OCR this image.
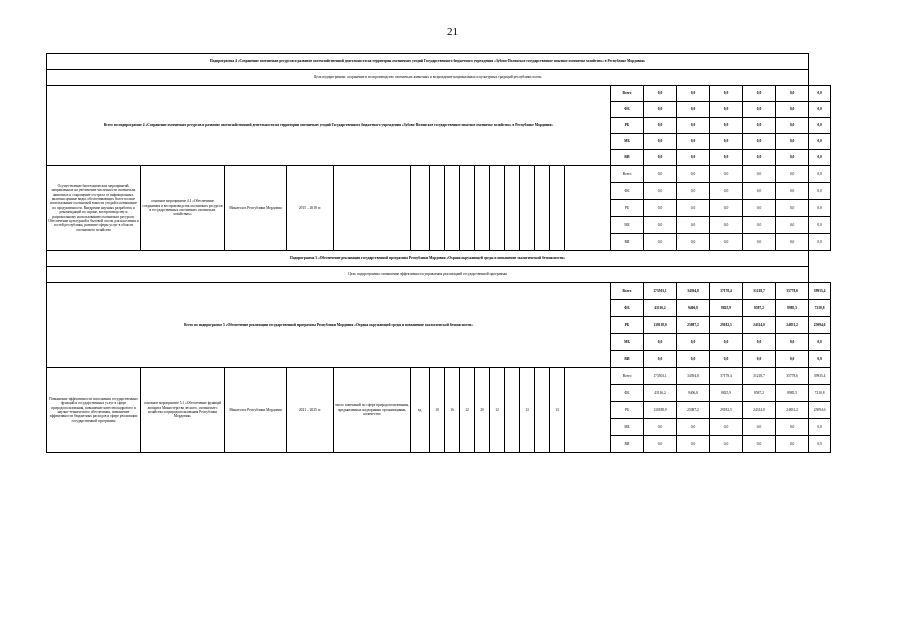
21
Подпрограмма 4 «Сохранение охотничьих ресурсов и развитие охотхозяйственной деятельности на территории охотничьих угодий Государственного бюджетного учреждения «Зубово-Полянское государственное опытное охотничье хозяйство» в Республике Мордовия»																						
Цель подпрограммы: сохранение и воспроизводство охотничьих животных и возрождение национальных и культурных традиций республики охоты																						
Всего по подпрограмме 4 «Сохранение охотничьих ресурсов и развитие охотхозяйственной деятельности на территории охотничьих угодий Государственного бюджетного учреждения «Зубово-Полянское государственное опытное охотничье хозяйство» в Республике Мордовия»																Всего	0,0	0,0	0,0	0,0	0,0	0,0
																ФБ	0,0	0,0	0,0	0,0	0,0	0,0
																РБ	0,0	0,0	0,0	0,0	0,0	0,0
																МБ	0,0	0,0	0,0	0,0	0,0	0,0
																ВИ	0,0	0,0	0,0	0,0	0,0	0,0
Осуществление биотехнических мероприятий, направленных на увеличение численности охотничьих животных и сокращение отстрела от инфекционных, включая ценные виды, обеспечивающих более полное использование охотничьей емкости угодий и повышение их продуктивности. Внедрение научных разработок и рекомендаций по охране, воспроизводству и рациональному использованию охотничьих ресурсов. Обеспечение культурной и бытовой охоты для населения и гостей республики, развитие сферы услуг в области охотничьего хозяйства	основное мероприятие 4.1 «Обеспечение сохранения и воспроизводства охотничьих ресурсов в государственных охотничьих охотничьих хозяйствах»	Минлесхоз Республики Мордовия	2015 – 2018 гг.													Всего	0,0	0,0	0,0	0,0	0,0	0,0
																ФБ	0,0	0,0	0,0	0,0	0,0	0,0
																РБ	0,0	0,0	0,0	0,0	0,0	0,0
																МБ	0,0	0,0	0,0	0,0	0,0	0,0
																ВИ	0,0	0,0	0,0	0,0	0,0	0,0
Подпрограмма 5 «Обеспечение реализации государственной программы Республики Мордовия «Охрана окружающей среды и повышение экологической безопасности»																						
Цель подпрограммы: повышение эффективности управления реализацией государственной программы																						
Всего по подпрограмме 5 «Обеспечение реализации государственной программы Республики Мордовия «Охрана окружающей среды и повышение экологической безопасности»																Всего	173503,1	34394,8	37178,4	31218,7	35778,6	39935,4
																ФБ	43116,2	9406,8	8825,9	8587,2	8985,5	7210,8
																РБ	130118,0	25087,2	29182,5	24314,0	24831,2	25094,6
																МБ	0,0	0,0	0,0	0,0	0,0	0,0
																ВИ	0,0	0,0	0,0	0,0	0,0	0,0
Повышение эффективности исполнения государственных функций и государственных услуг в сфере природопользования, повышение качества кадрового и научно-технического обеспечения, повышение эффективности бюджетных расходов в сфере реализации государственной программы	основное мероприятие 5.1 «Обеспечение функций аппарата Министерства лесного, охотничьего хозяйства и природопользования Республики Мордовия»	Минлесхоз Республики Мордовия	2021 – 2025 гг.	число замечаний по сфере природопользования, предъявленных надзорными организациями, количество	ед.	10	16	12	20	12		13		13		Всего	173503,1	34394,8	37178,4	31218,7	35778,6	39935,4
																ФБ	43116,2	9406,8	8825,9	8587,2	8985,5	7210,8
																РБ	130188,9	25087,2	29182,5	24314,0	24831,2	25094,6
																МБ	0,0	0,0	0,0	0,0	0,0	0,0
																ВИ	0,0	0,0	0,0	0,0	0,0	0,0
